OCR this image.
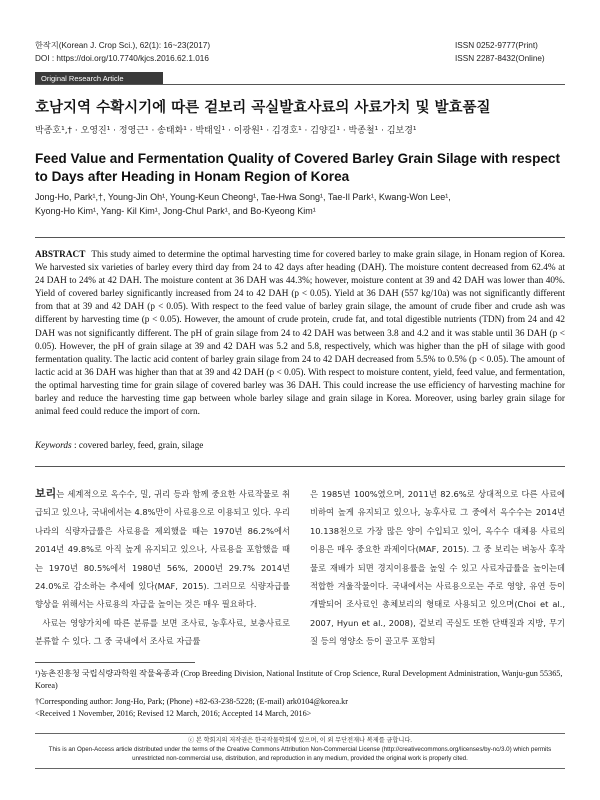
한작지(Korean J. Crop Sci.), 62(1): 16~23(2017)
DOI : https://doi.org/10.7740/kjcs.2016.62.1.016
ISSN 0252-9777(Print)
ISSN 2287-8432(Online)
Original Research Article
호남지역 수확시기에 따른 겉보리 곡실발효사료의 사료가치 및 발효품질
박종호¹,† · 오영진¹ · 정영근¹ · 송태화¹ · 박태일¹ · 이광원¹ · 김경호¹ · 김양길¹ · 박종철¹ · 김보경¹
Feed Value and Fermentation Quality of Covered Barley Grain Silage with respect to Days after Heading in Honam Region of Korea
Jong-Ho, Park¹,†, Young-Jin Oh¹, Young-Keun Cheong¹, Tae-Hwa Song¹, Tae-Il Park¹, Kwang-Won Lee¹,
Kyong-Ho Kim¹, Yang- Kil Kim¹, Jong-Chul Park¹, and Bo-Kyeong Kim¹
ABSTRACT This study aimed to determine the optimal harvesting time for covered barley to make grain silage, in Honam region of Korea. We harvested six varieties of barley every third day from 24 to 42 days after heading (DAH). The moisture content decreased from 62.4% at 24 DAH to 24% at 42 DAH. The moisture content at 36 DAH was 44.3%; however, moisture content at 39 and 42 DAH was lower than 40%. Yield of covered barley significantly increased from 24 to 42 DAH (p < 0.05). Yield at 36 DAH (557 kg/10a) was not significantly different from that at 39 and 42 DAH (p < 0.05). With respect to the feed value of barley grain silage, the amount of crude fiber and crude ash was different by harvesting time (p < 0.05). However, the amount of crude protein, crude fat, and total digestible nutrients (TDN) from 24 and 42 DAH was not significantly different. The pH of grain silage from 24 to 42 DAH was between 3.8 and 4.2 and it was stable until 36 DAH (p < 0.05). However, the pH of grain silage at 39 and 42 DAH was 5.2 and 5.8, respectively, which was higher than the pH of silage with good fermentation quality. The lactic acid content of barley grain silage from 24 to 42 DAH decreased from 5.5% to 0.5% (p < 0.05). The amount of lactic acid at 36 DAH was higher than that at 39 and 42 DAH (p < 0.05). With respect to moisture content, yield, feed value, and fermentation, the optimal harvesting time for grain silage of covered barley was 36 DAH. This could increase the use efficiency of harvesting machine for barley and reduce the harvesting time gap between whole barley silage and grain silage in Korea. Moreover, using barley grain silage for animal feed could reduce the import of corn.
Keywords : covered barley, feed, grain, silage
보리는 세계적으로 옥수수, 밀, 귀리 등과 함께 중요한 사료작물로 취급되고 있으나, 국내에서는 4.8%만이 사료용으로 이용되고 있다. 우리나라의 식량자급률은 사료용을 제외했을 때는 1970년 86.2%에서 2014년 49.8%로 아직 높게 유지되고 있으나, 사료용을 포함했을 때는 1970년 80.5%에서 1980년 56%, 2000년 29.7% 2014년 24.0%로 감소하는 추세에 있다(MAF, 2015). 그러므로 식량자급률 향상을 위해서는 사료용의 자급을 높이는 것은 매우 필요하다.
사료는 영양가치에 따른 분류를 보면 조사료, 농후사료, 보충사료로 분류할 수 있다. 그 중 국내에서 조사료 자급률
은 1985년 100%였으며, 2011년 82.6%로 상대적으로 다른 사료에 비하여 높게 유지되고 있으나, 농후사료 그 중에서 옥수수는 2014년 10.138천으로 가장 많은 양이 수입되고 있어, 옥수수 대체용 사료의 이용은 매우 중요한 과제이다(MAF, 2015). 그 중 보리는 벼농사 후작물로 재배가 되면 경지이용률을 높일 수 있고 사료자급률을 높이는데 적합한 겨울작물이다. 국내에서는 사료용으로는 주로 영양, 유연 등이 개발되어 조사료인 총체보리의 형태로 사용되고 있으며(Choi et al., 2007, Hyun et al., 2008), 겉보리 곡실도 또한 단백질과 지방, 무기질 등의 영양소 등이 골고루 포함되
¹)농촌진흥청 국립식량과학원 작물육종과 (Crop Breeding Division, National Institute of Crop Science, Rural Development Administration, Wanju-gun 55365, Korea)
†Corresponding author: Jong-Ho, Park; (Phone) +82-63-238-5228; (E-mail) ark0104@korea.kr
<Received 1 November, 2016; Revised 12 March, 2016; Accepted 14 March, 2016>
ⓒ 본 학회지의 저작권은 한국작물학회에 있으며, 이 외 무단전재나 복제를 금합니다.
This is an Open-Access article distributed under the terms of the Creative Commons Attribution Non-Commercial License (http://creativecommons.org/licenses/by-nc/3.0) which permits unrestricted non-commercial use, distribution, and reproduction in any medium, provided the original work is properly cited.
